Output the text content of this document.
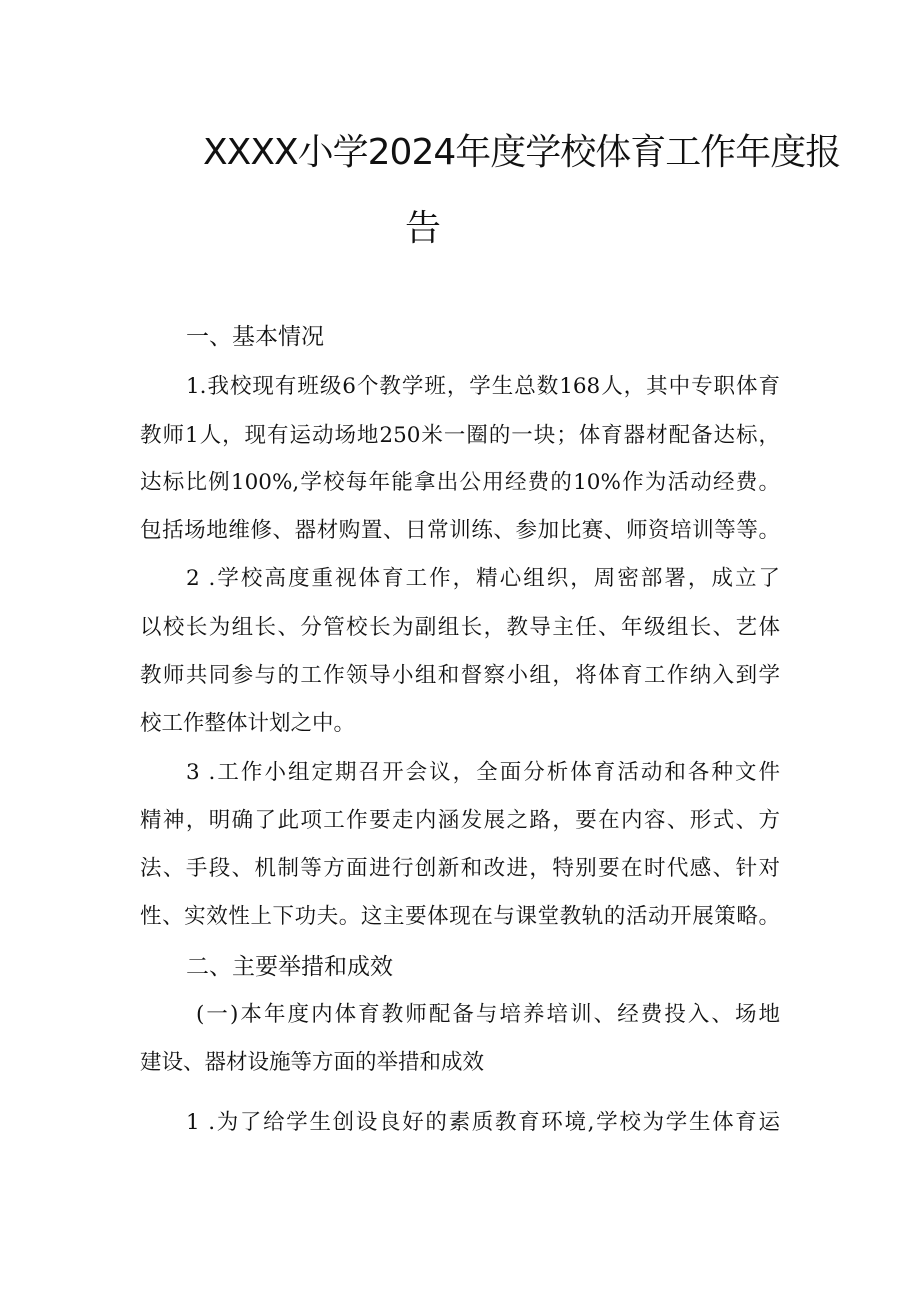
XXXX小学2024年度学校体育工作年度报
告
一、基本情况
1.我校现有班级6个教学班，学生总数168人，其中专职体育
教师1人，现有运动场地250米一圈的一块；体育器材配备达标，
达标比例100%,学校每年能拿出公用经费的10%作为活动经费。
包括场地维修、器材购置、日常训练、参加比赛、师资培训等等。
2 .学校高度重视体育工作，精心组织，周密部署，成立了
以校长为组长、分管校长为副组长，教导主任、年级组长、艺体
教师共同参与的工作领导小组和督察小组，将体育工作纳入到学
校工作整体计划之中。
3 .工作小组定期召开会议，全面分析体育活动和各种文件
精神，明确了此项工作要走内涵发展之路，要在内容、形式、方
法、手段、机制等方面进行创新和改进，特别要在时代感、针对
性、实效性上下功夫。这主要体现在与课堂教轨的活动开展策略。
二、主要举措和成效
(一)本年度内体育教师配备与培养培训、经费投入、场地
建设、器材设施等方面的举措和成效
1 .为了给学生创设良好的素质教育环境,学校为学生体育运
